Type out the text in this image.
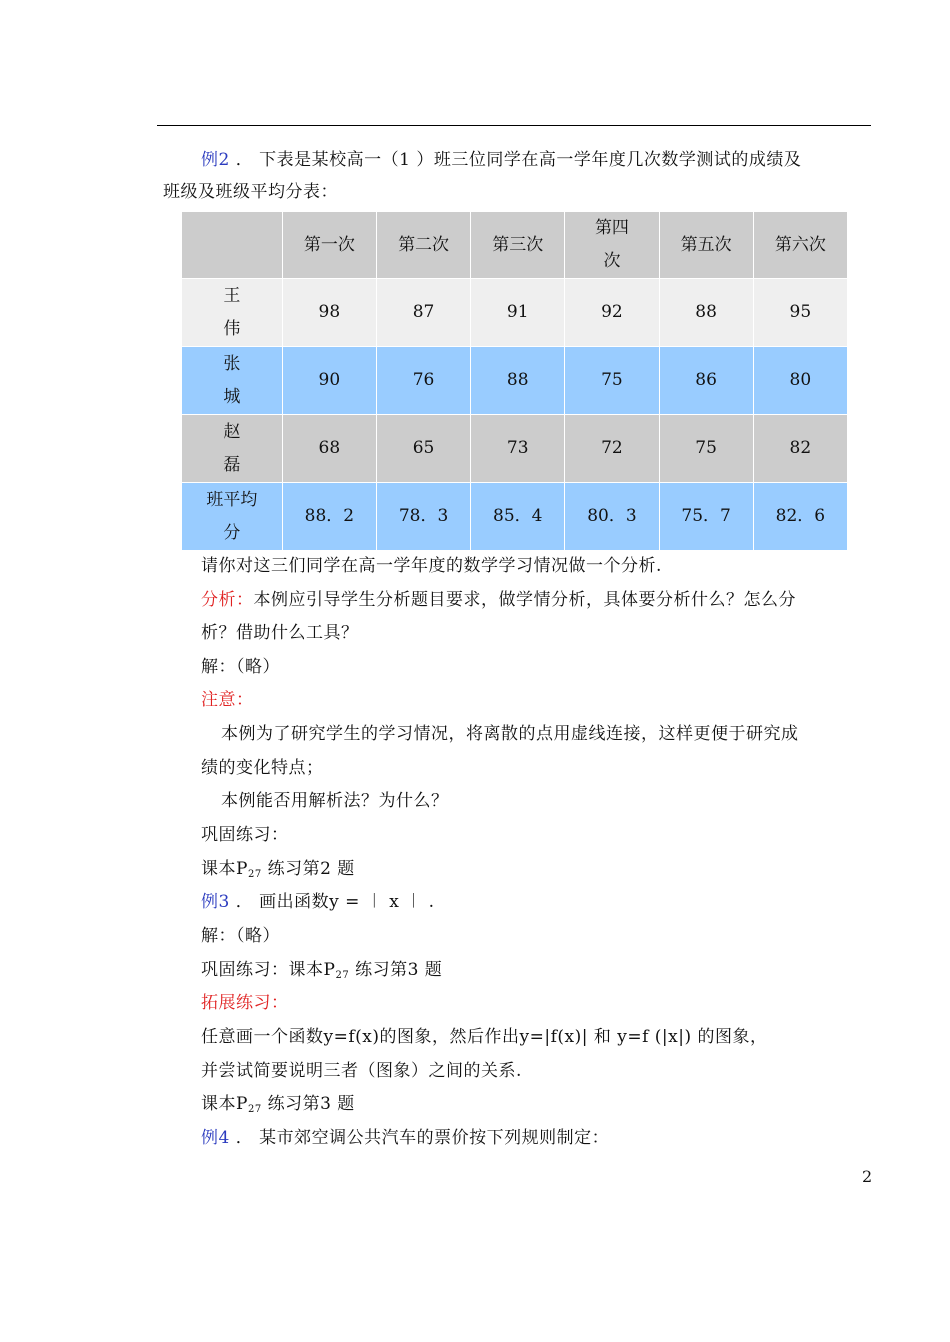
例2 ． 下表是某校高一（1 ）班三位同学在高一学年度几次数学测试的成绩及
班级及班级平均分表：
	第一次	第二次	第三次	第四
次	第五次	第六次
王
伟	98	87	91	92	88	95
张
城	90	76	88	75	86	80
赵
磊	68	65	73	72	75	82
班平均
分	88．2	78．3	85．4	80．3	75．7	82．6
请你对这三们同学在高一学年度的数学学习情况做一个分析.
分析：本例应引导学生分析题目要求，做学情分析，具体要分析什么？怎么分
析？借助什么工具？
解：（略）
注意：
本例为了研究学生的学习情况，将离散的点用虚线连接，这样更便于研究成
绩的变化特点；
本例能否用解析法？为什么？
巩固练习：
课本$P_{27}$ 练习第2 题
例3 ． 画出函数y = ︱ x ︱ .
解：（略）
巩固练习：课本$P_{27}$ 练习第3 题
拓展练习：
任意画一个函数y=f(x)的图象，然后作出y=|f(x)| 和 y=f (|x|) 的图象，
并尝试简要说明三者（图象）之间的关系.
课本$P_{27}$ 练习第3 题
例4 ． 某市郊空调公共汽车的票价按下列规则制定：
2
